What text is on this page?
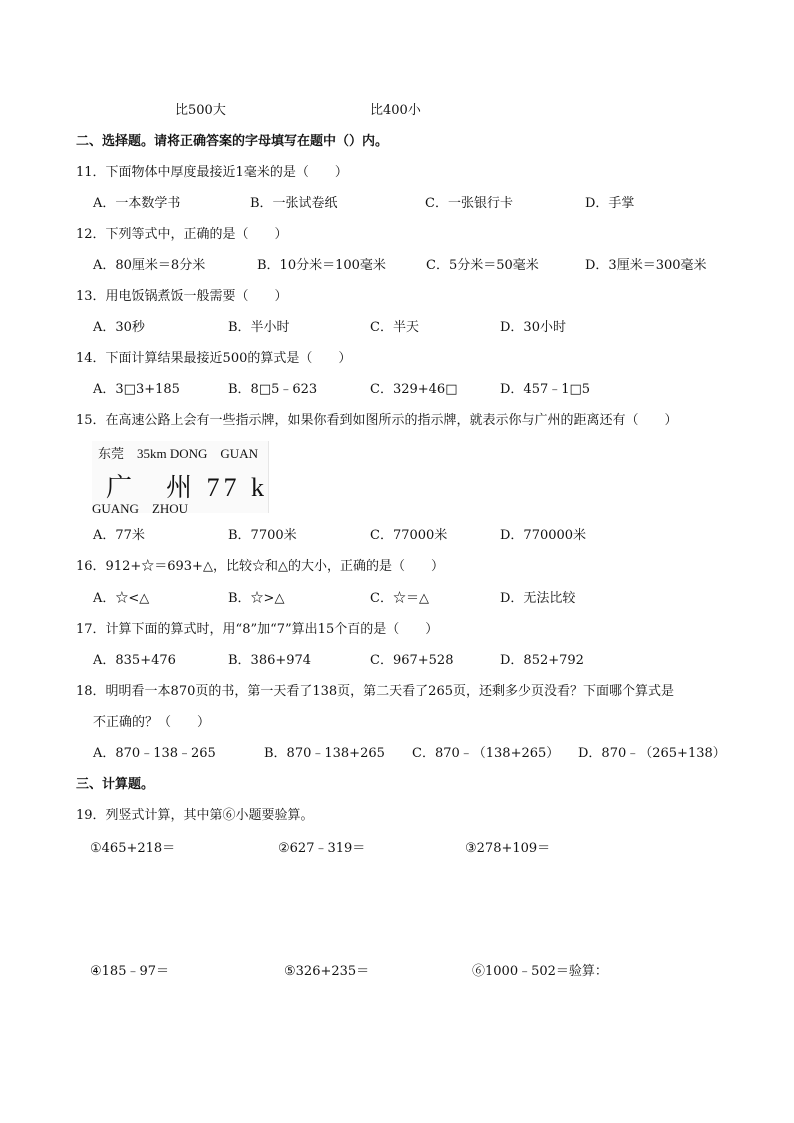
比500大	比400小
二、选择题。请将正确答案的字母填写在题中（）内。
11．下面物体中厚度最接近1毫米的是（　　）
A．一本数学书	B．一张试卷纸	C．一张银行卡	D．手掌
12．下列等式中，正确的是（　　）
A．80厘米＝8分米	B．10分米＝100毫米	C．5分米＝50毫米	D．3厘米＝300毫米
13．用电饭锅煮饭一般需要（　　）
A．30秒	B．半小时	C．半天	D．30小时
14．下面计算结果最接近500的算式是（　　）
A．3□3+185	B．8□5﹣623	C．329+46□	D．457﹣1□5
15．在高速公路上会有一些指示牌，如果你看到如图所示的指示牌，就表示你与广州的距离还有（　　）
东莞　35km DONG　GUAN
广　州 77 k
GUANG　ZHOU
A．77米	B．7700米	C．77000米	D．770000米
16．912+☆＝693+△，比较☆和△的大小，正确的是（　　）
A．☆<△	B．☆>△	C．☆＝△	D．无法比较
17．计算下面的算式时，用“8”加“7”算出15个百的是（　　）
A．835+476	B．386+974	C．967+528	D．852+792
18．明明看一本870页的书，第一天看了138页，第二天看了265页，还剩多少页没看？下面哪个算式是
不正确的？（　　）
A．870﹣138﹣265	B．870﹣138+265 C．870﹣（138+265） D．870﹣（265+138）
三、计算题。
19．列竖式计算，其中第⑥小题要验算。
①465+218＝	②627﹣319＝	③278+109＝
④185﹣97＝	⑤326+235＝	⑥1000﹣502＝验算：
